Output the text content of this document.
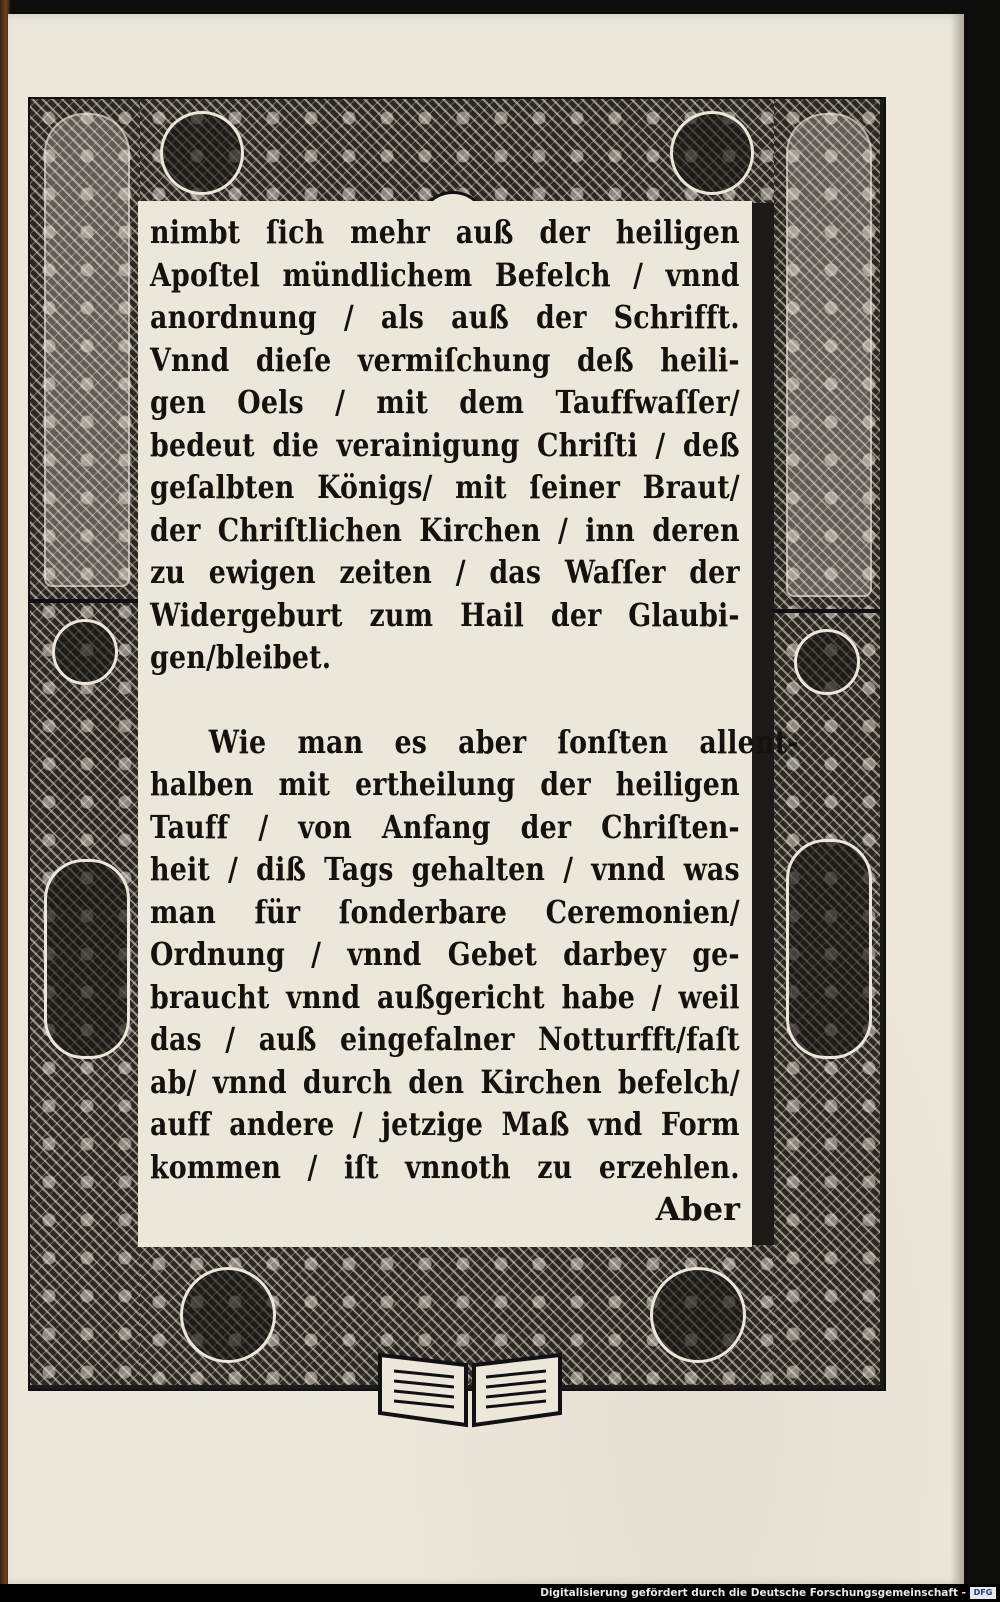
nimbt ſich mehr auß der heiligen
Apoſtel mündlichem Befelch / vnnd
anordnung / als auß der Schrifft.
Vnnd dieſe vermiſchung deß heili-
gen Oels / mit dem Tauffwaſſer/
bedeut die verainigung Chriſti / deß
geſalbten Königs/ mit ſeiner Braut/
der Chriſtlichen Kirchen / inn deren
zu ewigen zeiten / das Waſſer der
Widergeburt zum Hail der Glaubi-
gen/bleibet.
Wie man es aber ſonſten allent-
halben mit ertheilung der heiligen
Tauff / von Anfang der Chriſten-
heit / diß Tags gehalten / vnnd was
man für ſonderbare Ceremonien/
Ordnung / vnnd Gebet darbey ge-
braucht vnnd außgericht habe / weil
das / auß eingefalner Notturfft/faſt
ab/ vnnd durch den Kirchen befelch/
auff andere / jetzige Maß vnd Form
kommen / iſt vnnoth zu erzehlen.
Aber
Digitalisierung gefördert durch die Deutsche Forschungsgemeinschaft - DFG
